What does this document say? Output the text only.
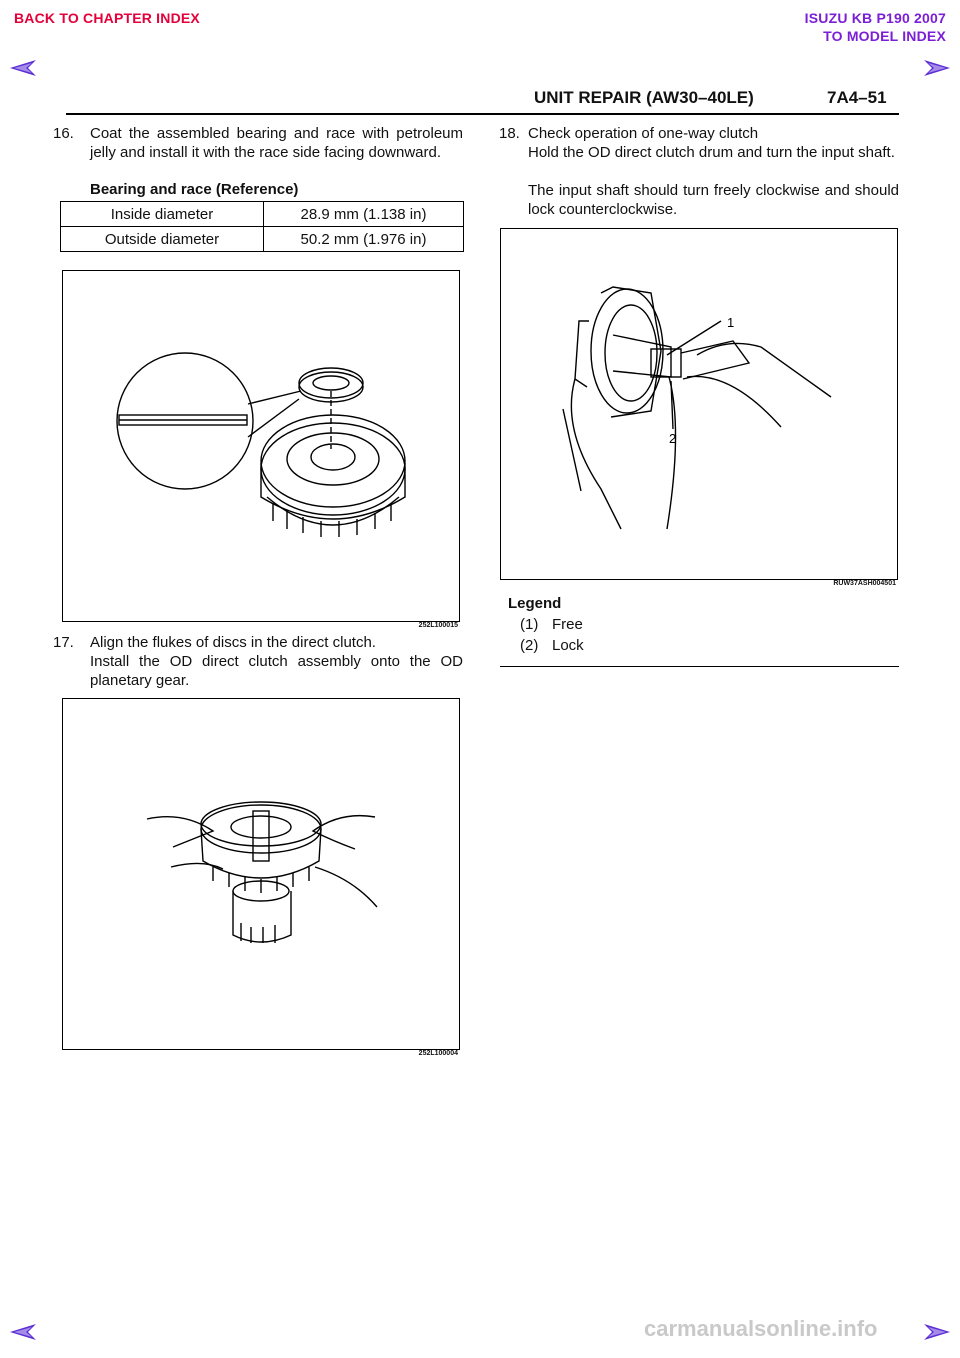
BACK TO CHAPTER INDEX	ISUZU KB P190 2007
TO MODEL INDEX
UNIT REPAIR (AW30–40LE)	7A4–51
16. Coat the assembled bearing and race with petroleum jelly and install it with the race side facing downward.
Bearing and race (Reference)
Inside diameter	28.9 mm (1.138 in)
Outside diameter	50.2 mm (1.976 in)
252L100015
17. Align the flukes of discs in the direct clutch.
Install the OD direct clutch assembly onto the OD planetary gear.
252L100004
18. Check operation of one-way clutch
Hold the OD direct clutch drum and turn the input shaft.
The input shaft should turn freely clockwise and should lock counterclockwise.
1
2
RUW37ASH004501
Legend
(1) Free
(2) Lock
carmanualsonline.info
